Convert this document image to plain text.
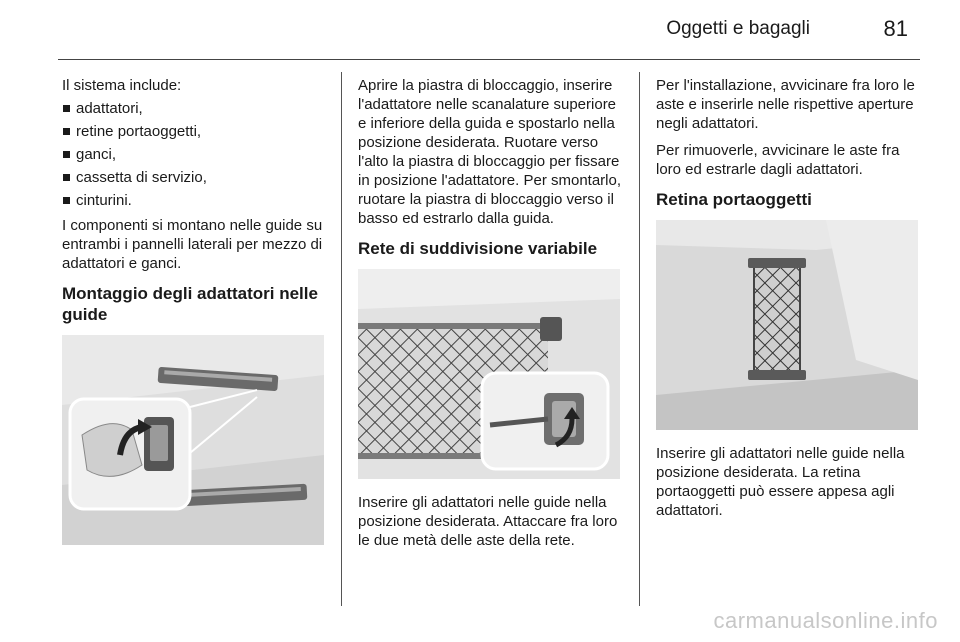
Oggetti e bagagli	81

Il sistema include:

adattatori,
retine portaoggetti,
ganci,
cassetta di servizio,
cinturini.

I componenti si montano nelle guide su entrambi i pannelli laterali per mezzo di adattatori e ganci.

Montaggio degli adattatori nelle guide

Aprire la piastra di bloccaggio, inserire l'adattatore nelle scanalature superiore e inferiore della guida e spostarlo nella posizione desiderata. Ruotare verso l'alto la piastra di bloccaggio per fissare in posizione l'adattatore. Per smontarlo, ruotare la piastra di bloccaggio verso il basso ed estrarlo dalla guida.

Rete di suddivisione variabile

Inserire gli adattatori nelle guide nella posizione desiderata. Attaccare fra loro le due metà delle aste della rete.

Per l'installazione, avvicinare fra loro le aste e inserirle nelle rispettive aperture negli adattatori.

Per rimuoverle, avvicinare le aste fra loro ed estrarle dagli adattatori.

Retina portaoggetti

Inserire gli adattatori nelle guide nella posizione desiderata. La retina portaoggetti può essere appesa agli adattatori.

carmanualsonline.info
